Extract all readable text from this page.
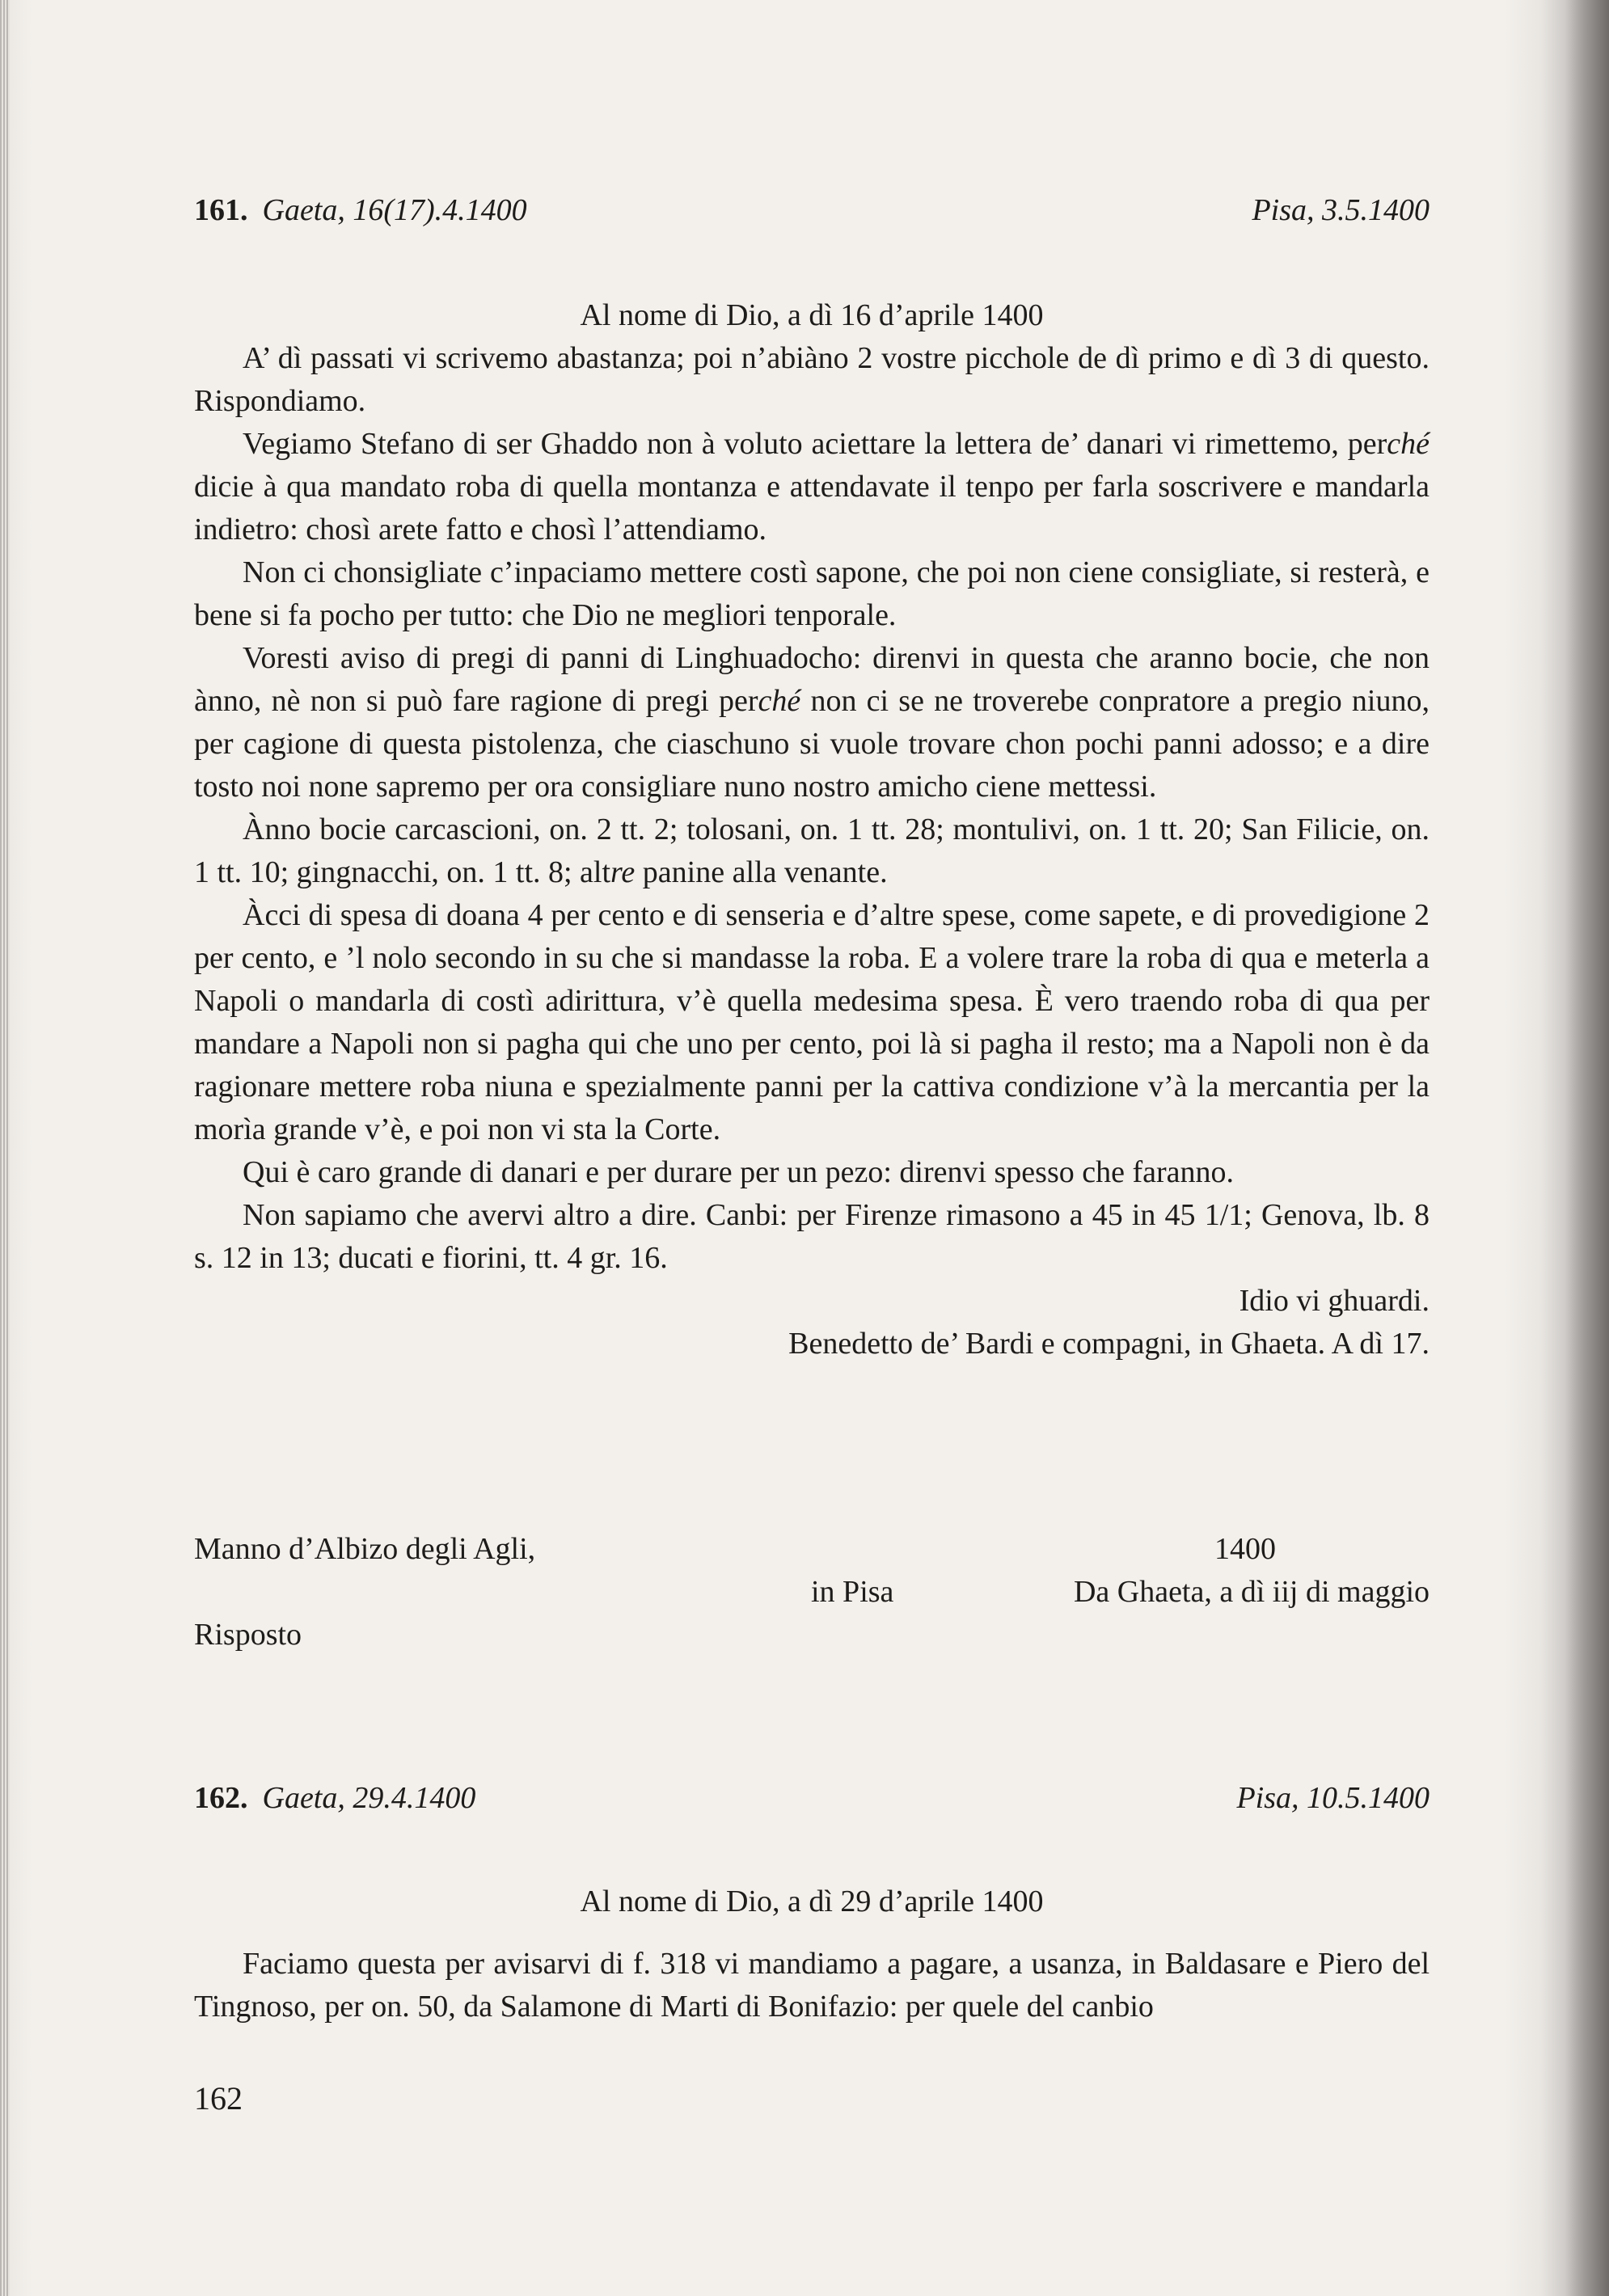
161. Gaeta, 16(17).4.1400	Pisa, 3.5.1400
Al nome di Dio, a dì 16 d’aprile 1400

A’ dì passati vi scrivemo abastanza; poi n’abiàno 2 vostre picchole de dì primo e dì 3 di questo. Rispondiamo.

Vegiamo Stefano di ser Ghaddo non à voluto aciettare la lettera de’ danari vi rimettemo, perché dicie à qua mandato roba di quella montanza e attendavate il tenpo per farla soscrivere e mandarla indietro: chosì arete fatto e chosì l’attendiamo.

Non ci chonsigliate c’inpaciamo mettere costì sapone, che poi non ciene consigliate, si resterà, e bene si fa pocho per tutto: che Dio ne megliori tenporale.

Voresti aviso di pregi di panni di Linghuadocho: direnvi in questa che aranno bocie, che non ànno, nè non si può fare ragione di pregi perché non ci se ne troverebe conpratore a pregio niuno, per cagione di questa pistolenza, che ciaschuno si vuole trovare chon pochi panni adosso; e a dire tosto noi none sapremo per ora consigliare nuno nostro amicho ciene mettessi.

Ànno bocie carcascioni, on. 2 tt. 2; tolosani, on. 1 tt. 28; montulivi, on. 1 tt. 20; San Filicie, on. 1 tt. 10; gingnacchi, on. 1 tt. 8; altre panine alla venante.

Àcci di spesa di doana 4 per cento e di senseria e d’altre spese, come sapete, e di provedigione 2 per cento, e ’l nolo secondo in su che si mandasse la roba. E a volere trare la roba di qua e meterla a Napoli o mandarla di costì adirittura, v’è quella medesima spesa. È vero traendo roba di qua per mandare a Napoli non si pagha qui che uno per cento, poi là si pagha il resto; ma a Napoli non è da ragionare mettere roba niuna e spezialmente panni per la cattiva condizione v’à la mercantia per la morìa grande v’è, e poi non vi sta la Corte.

Qui è caro grande di danari e per durare per un pezo: direnvi spesso che faranno.

Non sapiamo che avervi altro a dire. Canbi: per Firenze rimasono a 45 in 45 1/1; Genova, lb. 8 s. 12 in 13; ducati e fiorini, tt. 4 gr. 16.

Idio vi ghuardi.
Benedetto de’ Bardi e compagni, in Ghaeta. A dì 17.
Manno d’Albizo degli Agli,	1400
in Pisa	Da Ghaeta, a dì iij di maggio
Risposto
162. Gaeta, 29.4.1400	Pisa, 10.5.1400
Al nome di Dio, a dì 29 d’aprile 1400

Faciamo questa per avisarvi di f. 318 vi mandiamo a pagare, a usanza, in Baldasare e Piero del Tingnoso, per on. 50, da Salamone di Marti di Bonifazio: per quele del canbio

162
